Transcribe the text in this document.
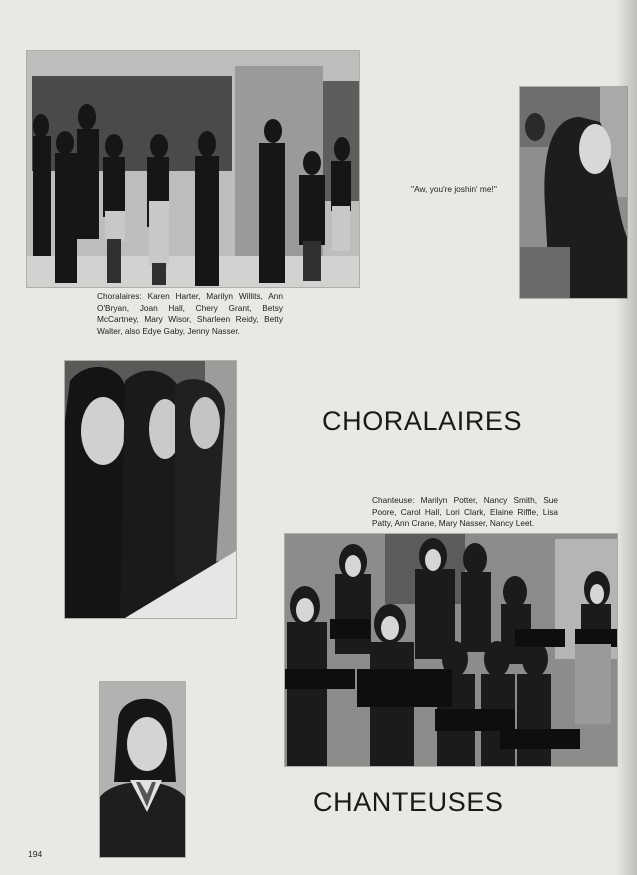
Choralaires: Karen Harter, Marilyn Willits, Ann O'Bryan, Joan Hall, Chery Grant, Betsy McCartney, Mary Wisor, Sharleen Reidy, Betty Walter, also Edye Gaby, Jenny Nasser.
''Aw, you're joshin' me!''
CHORALAIRES
Chanteuse: Marilyn Potter, Nancy Smith, Sue Poore, Carol Hall, Lori Clark, Elaine Riffle, Lisa Patty, Ann Crane, Mary Nasser, Nancy Leet.
CHANTEUSES
194
